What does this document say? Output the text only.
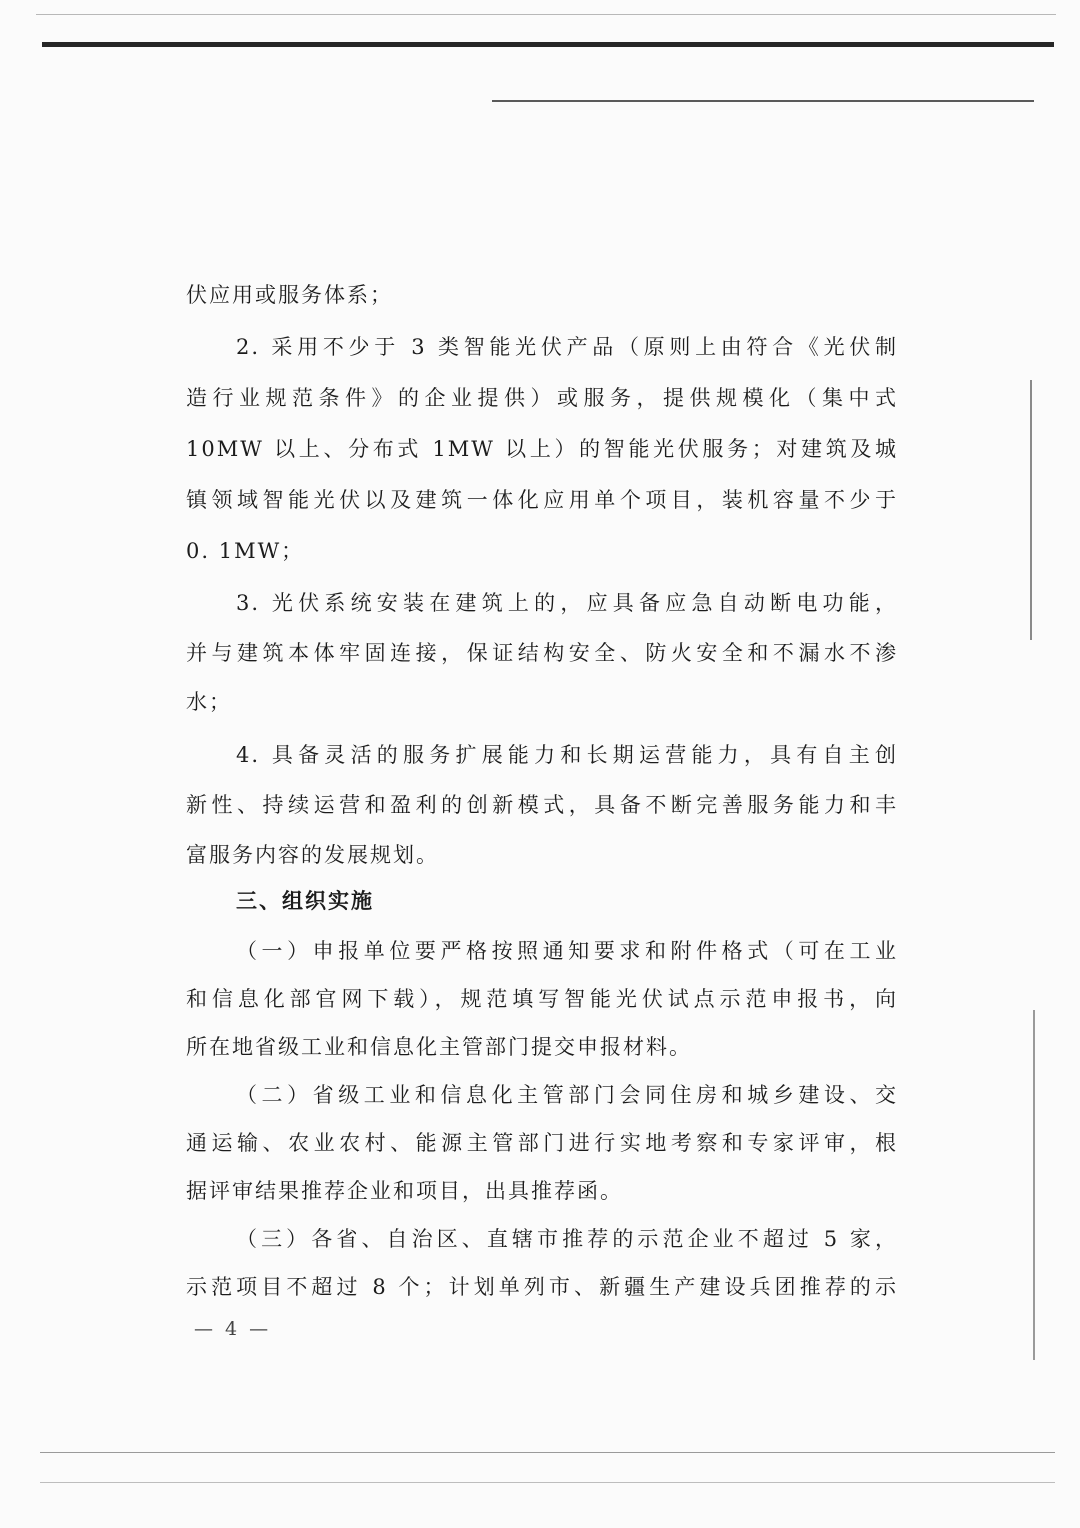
伏应用或服务体系；
2. 采用不少于 3 类智能光伏产品（原则上由符合《光伏制
造行业规范条件》的企业提供）或服务，提供规模化（集中式
10MW 以上、分布式 1MW 以上）的智能光伏服务；对建筑及城
镇领域智能光伏以及建筑一体化应用单个项目，装机容量不少于
0. 1MW；
3. 光伏系统安装在建筑上的，应具备应急自动断电功能，
并与建筑本体牢固连接，保证结构安全、防火安全和不漏水不渗
水；
4. 具备灵活的服务扩展能力和长期运营能力，具有自主创
新性、持续运营和盈利的创新模式，具备不断完善服务能力和丰
富服务内容的发展规划。
三、组织实施
（一）申报单位要严格按照通知要求和附件格式（可在工业
和信息化部官网下载），规范填写智能光伏试点示范申报书，向
所在地省级工业和信息化主管部门提交申报材料。
（二）省级工业和信息化主管部门会同住房和城乡建设、交
通运输、农业农村、能源主管部门进行实地考察和专家评审，根
据评审结果推荐企业和项目，出具推荐函。
（三）各省、自治区、直辖市推荐的示范企业不超过 5 家，
示范项目不超过 8 个；计划单列市、新疆生产建设兵团推荐的示
— 4 —
